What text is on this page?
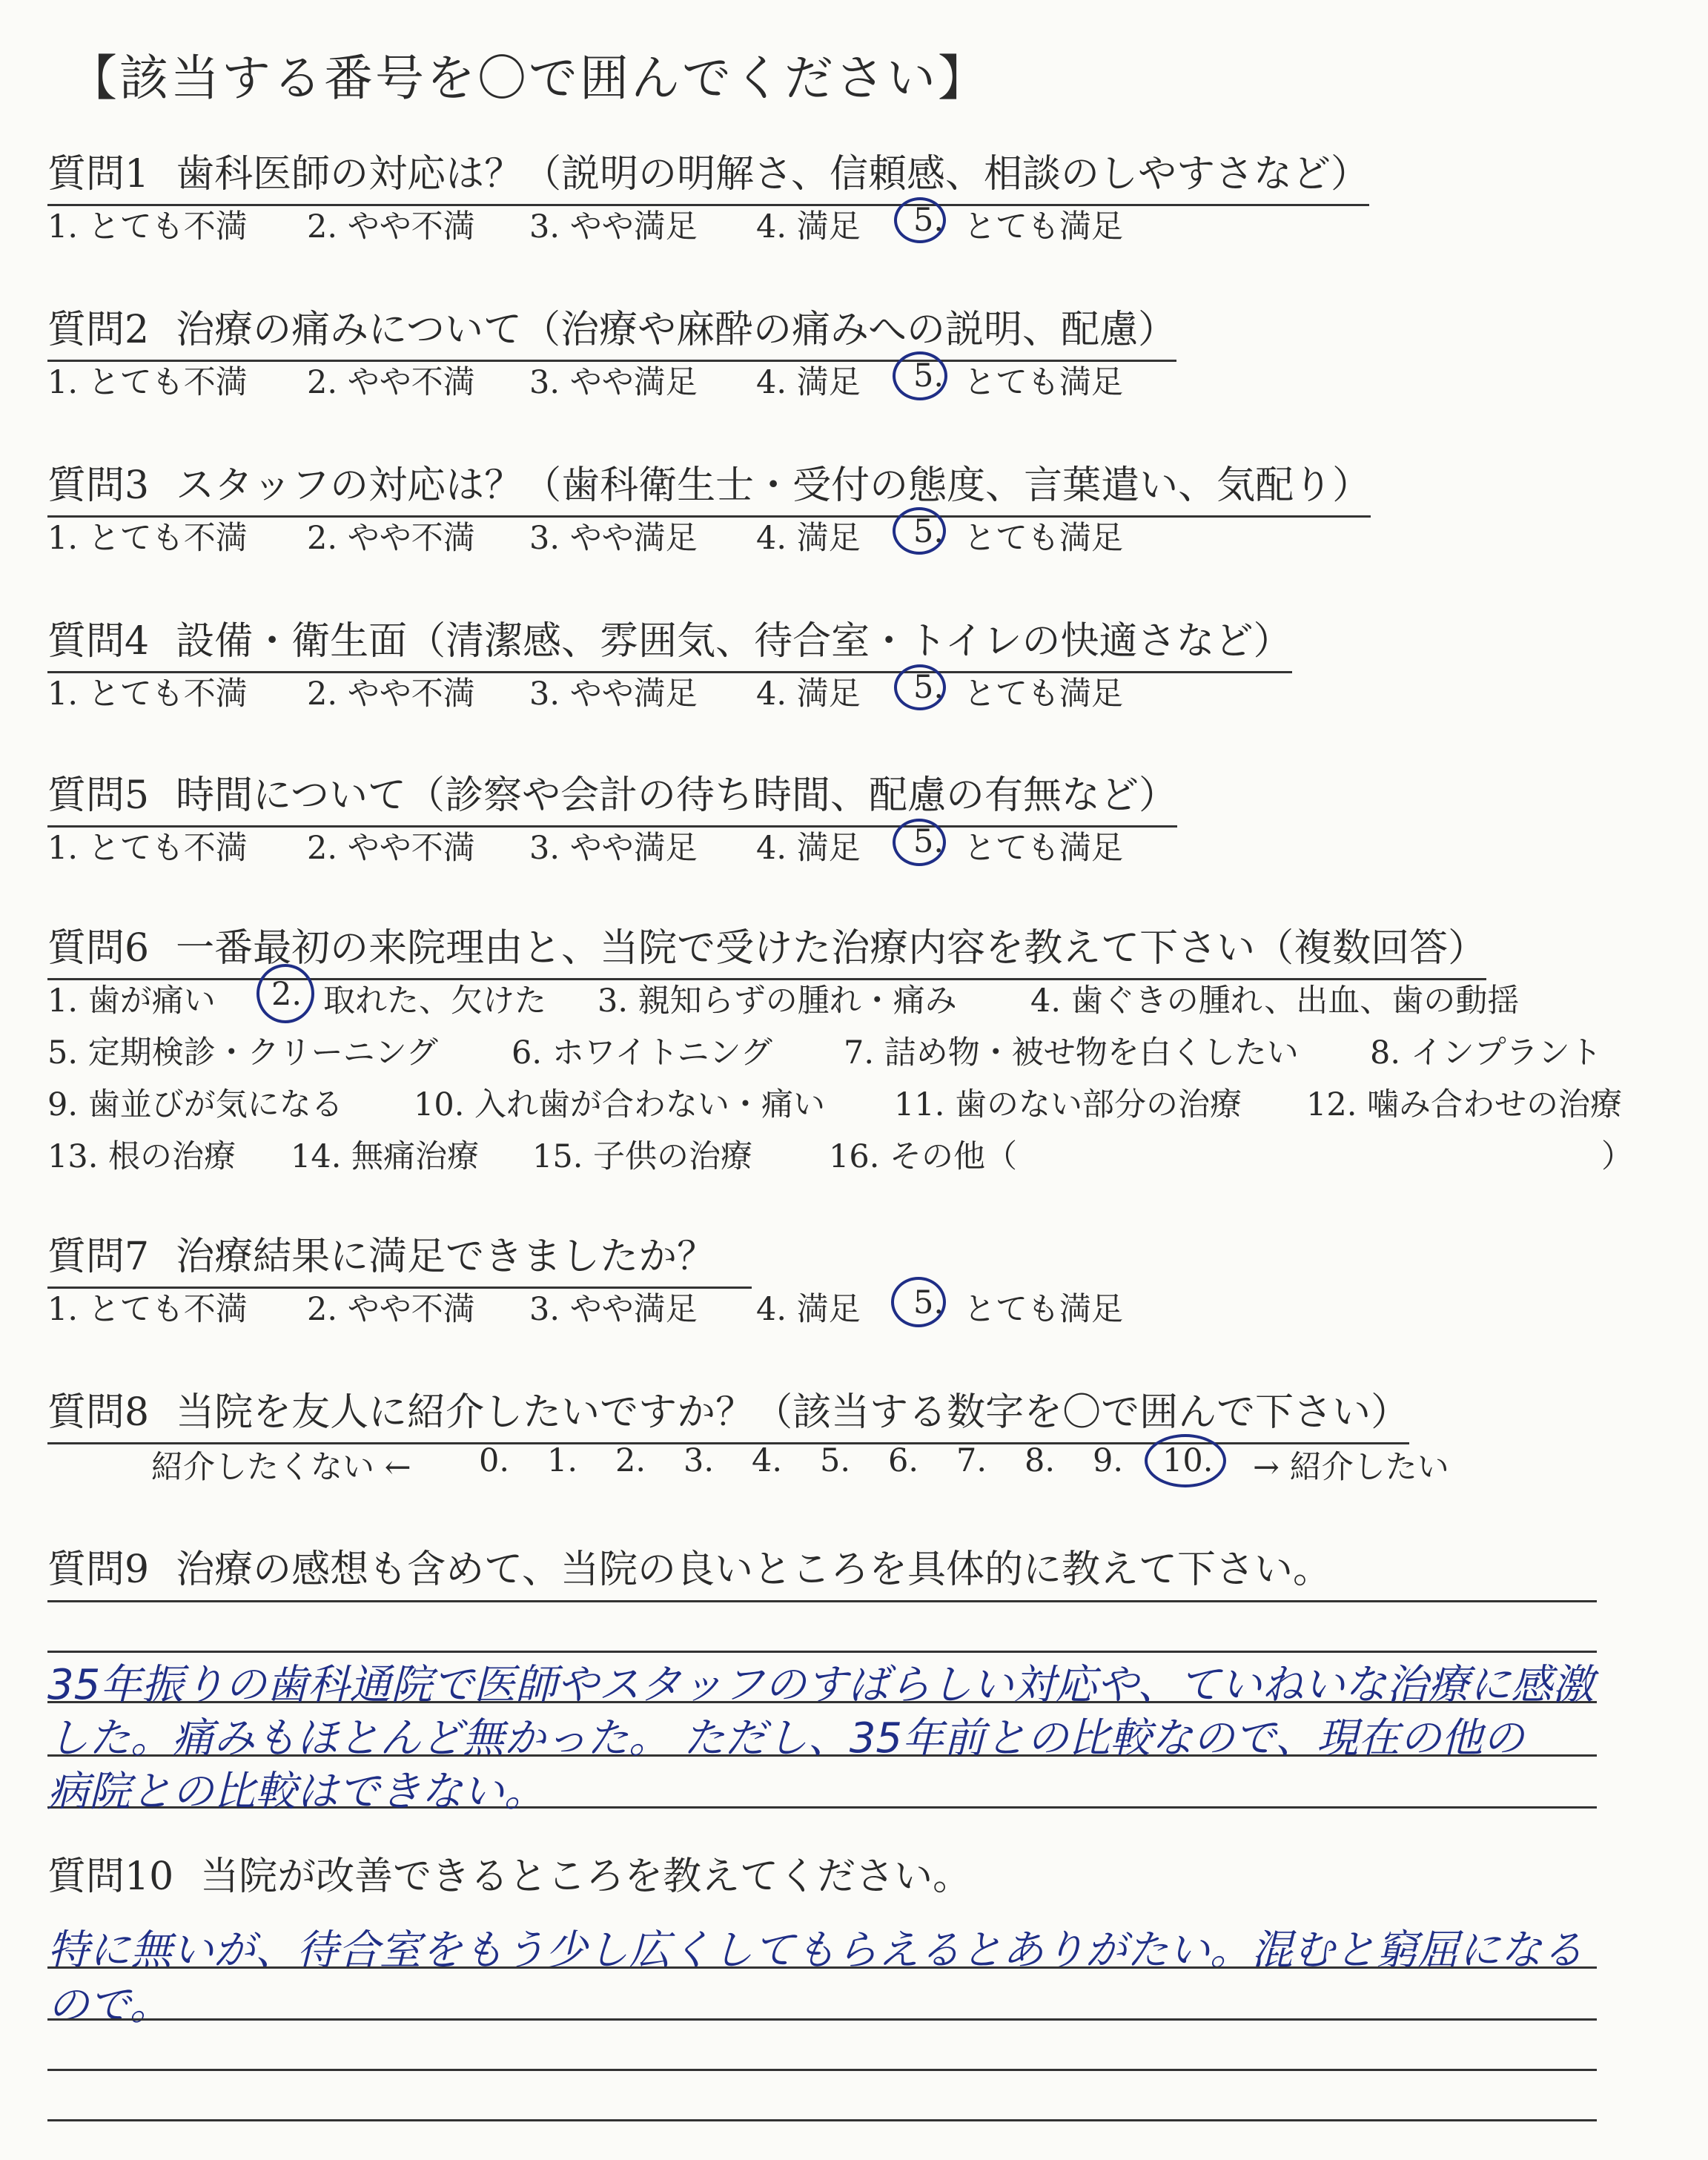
【該当する番号を〇で囲んでください】
質問1 歯科医師の対応は？（説明の明解さ、信頼感、相談のしやすさなど）
1. とても不満 2. やや不満 3. やや満足 4. 満足 5. とても満足
質問2 治療の痛みについて（治療や麻酔の痛みへの説明、配慮）
1. とても不満 2. やや不満 3. やや満足 4. 満足 5. とても満足
質問3 スタッフの対応は？（歯科衛生士・受付の態度、言葉遣い、気配り）
1. とても不満 2. やや不満 3. やや満足 4. 満足 5. とても満足
質問4 設備・衛生面（清潔感、雰囲気、待合室・トイレの快適さなど）
1. とても不満 2. やや不満 3. やや満足 4. 満足 5. とても満足
質問5 時間について（診察や会計の待ち時間、配慮の有無など）
1. とても不満 2. やや不満 3. やや満足 4. 満足 5. とても満足
質問6 一番最初の来院理由と、当院で受けた治療内容を教えて下さい（複数回答）
1. 歯が痛い 2. 取れた、欠けた 3. 親知らずの腫れ・痛み 4. 歯ぐきの腫れ、出血、歯の動揺
5. 定期検診・クリーニング 6. ホワイトニング 7. 詰め物・被せ物を白くしたい 8. インプラント
9. 歯並びが気になる 10. 入れ歯が合わない・痛い 11. 歯のない部分の治療 12. 噛み合わせの治療
13. 根の治療 14. 無痛治療 15. 子供の治療 16. その他（	）
質問7 治療結果に満足できましたか？
1. とても不満 2. やや不満 3. やや満足 4. 満足 5. とても満足
質問8 当院を友人に紹介したいですか？（該当する数字を〇で囲んで下さい）
紹介したくない ← 0. 1. 2. 3. 4. 5. 6. 7. 8. 9. 10. → 紹介したい
質問9 治療の感想も含めて、当院の良いところを具体的に教えて下さい。
35年振りの歯科通院で医師やスタッフのすばらしい対応や、ていねいな治療に感激
した。痛みもほとんど無かった。 ただし、35年前との比較なので、現在の他の
病院との比較はできない。
質問10 当院が改善できるところを教えてください。
特に無いが、待合室をもう少し広くしてもらえるとありがたい。混むと窮屈になる
ので。
